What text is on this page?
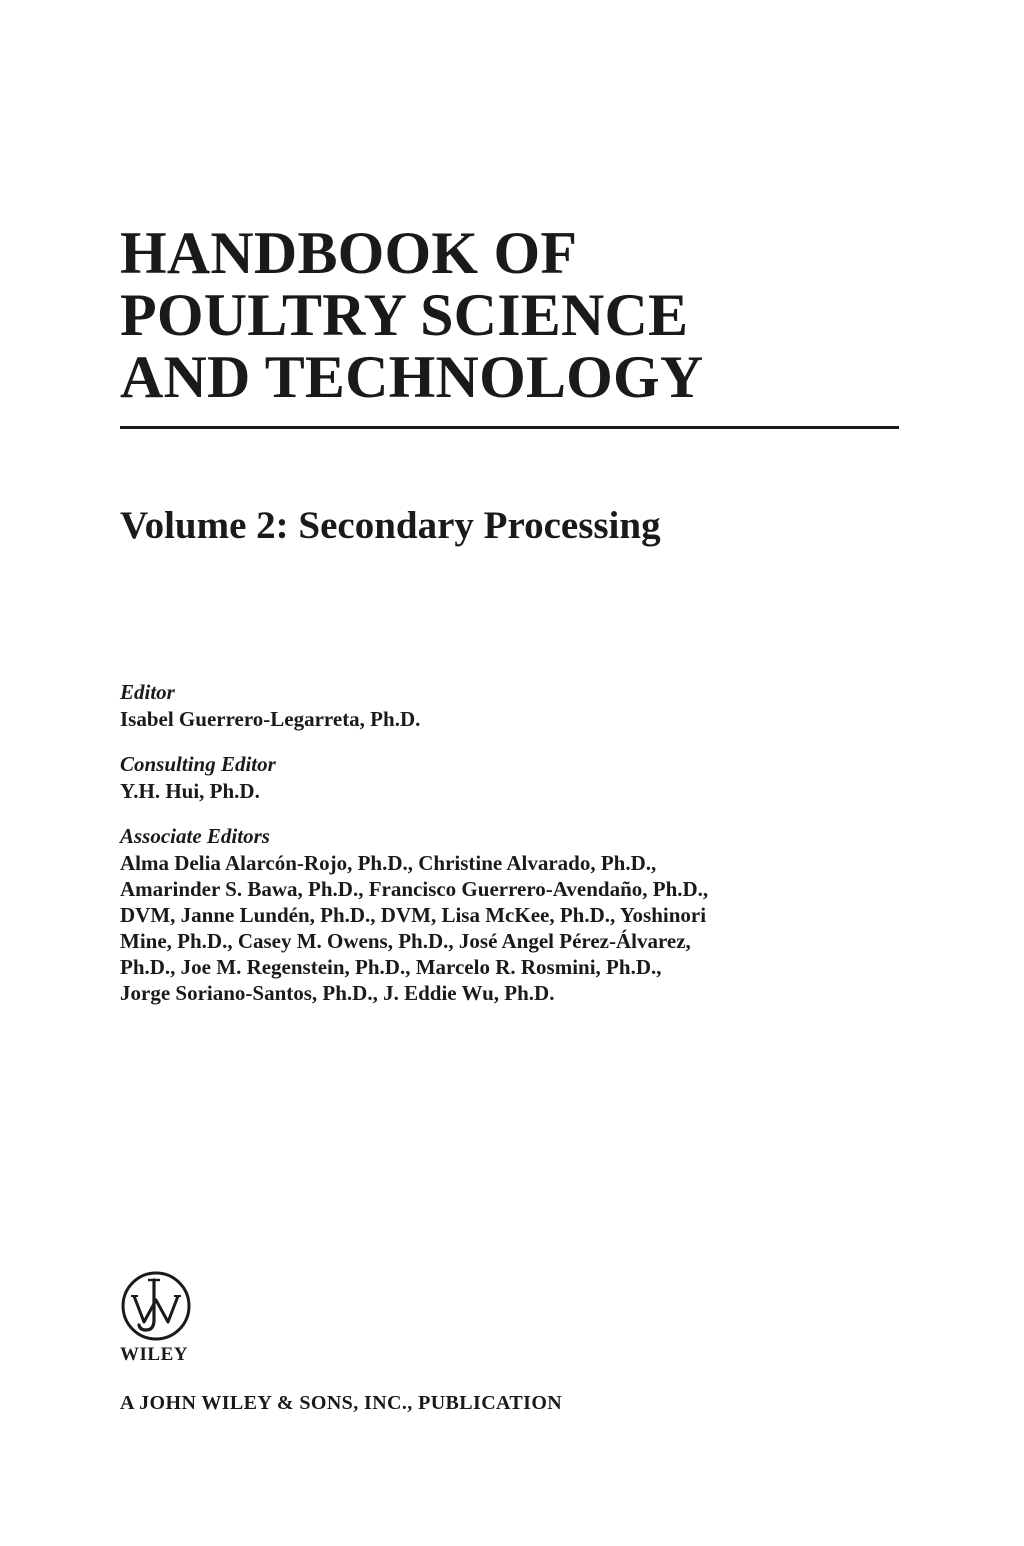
HANDBOOK OF

POULTRY SCIENCE

AND TECHNOLOGY

Volume 2: Secondary Processing

Editor

Isabel Guerrero-Legarreta, Ph.D.

Consulting Editor

Y.H. Hui, Ph.D.

Associate Editors

Alma Delia Alarcón-Rojo, Ph.D., Christine Alvarado, Ph.D.,

Amarinder S. Bawa, Ph.D., Francisco Guerrero-Avendaño, Ph.D.,

DVM, Janne Lundén, Ph.D., DVM, Lisa McKee, Ph.D., Yoshinori

Mine, Ph.D., Casey M. Owens, Ph.D., José Angel Pérez-Álvarez,

Ph.D., Joe M. Regenstein, Ph.D., Marcelo R. Rosmini, Ph.D.,

Jorge Soriano-Santos, Ph.D., J. Eddie Wu, Ph.D.

WILEY

A JOHN WILEY & SONS, INC., PUBLICATION
